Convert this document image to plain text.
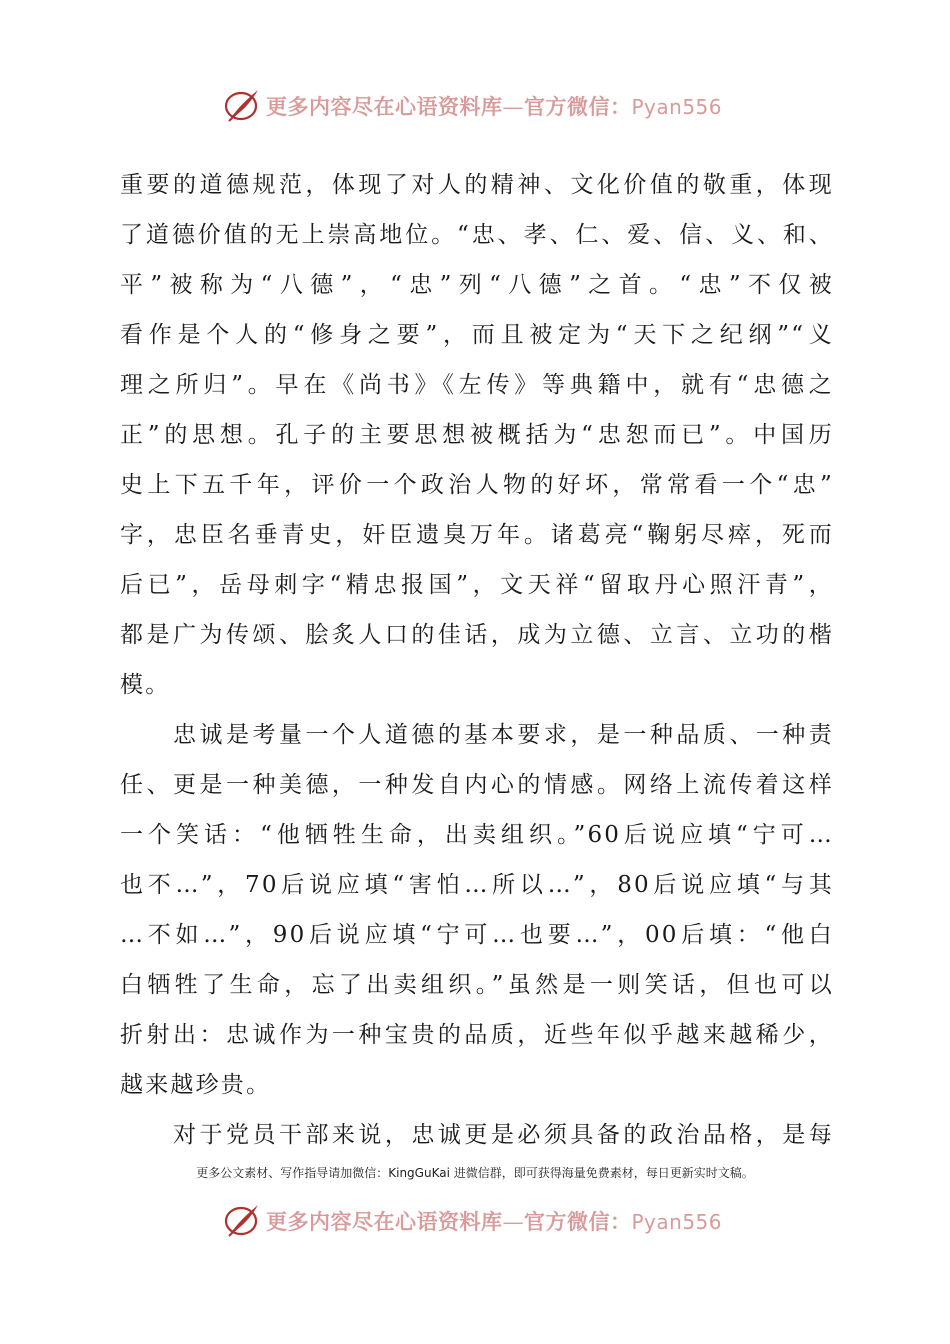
更多内容尽在心语资料库—官方微信：Pyan556
重要的道德规范，体现了对人的精神、文化价值的敬重，体现
了道德价值的无上崇高地位。“忠、孝、仁、爱、信、义、和、
平”被称为“八德”，“忠”列“八德”之首。“忠”不仅被
看作是个人的“修身之要”，而且被定为“天下之纪纲”“义
理之所归”。早在《尚书》《左传》等典籍中，就有“忠德之
正”的思想。孔子的主要思想被概括为“忠恕而已”。中国历
史上下五千年，评价一个政治人物的好坏，常常看一个“忠”
字，忠臣名垂青史，奸臣遗臭万年。诸葛亮“鞠躬尽瘁，死而
后已”，岳母刺字“精忠报国”，文天祥“留取丹心照汗青”，
都是广为传颂、脍炙人口的佳话，成为立德、立言、立功的楷
模。
　　忠诚是考量一个人道德的基本要求，是一种品质、一种责
任、更是一种美德，一种发自内心的情感。网络上流传着这样
一个笑话：“他牺牲生命，出卖组织。”60后说应填“宁可…
也不…”，70后说应填“害怕…所以…”，80后说应填“与其
…不如…”，90后说应填“宁可…也要…”，00后填：“他白
白牺牲了生命，忘了出卖组织。”虽然是一则笑话，但也可以
折射出：忠诚作为一种宝贵的品质，近些年似乎越来越稀少，
越来越珍贵。
　　对于党员干部来说，忠诚更是必须具备的政治品格，是每
更多公文素材、写作指导请加微信：KingGuKai 进微信群，即可获得海量免费素材，每日更新实时文稿。
更多内容尽在心语资料库—官方微信：Pyan556
